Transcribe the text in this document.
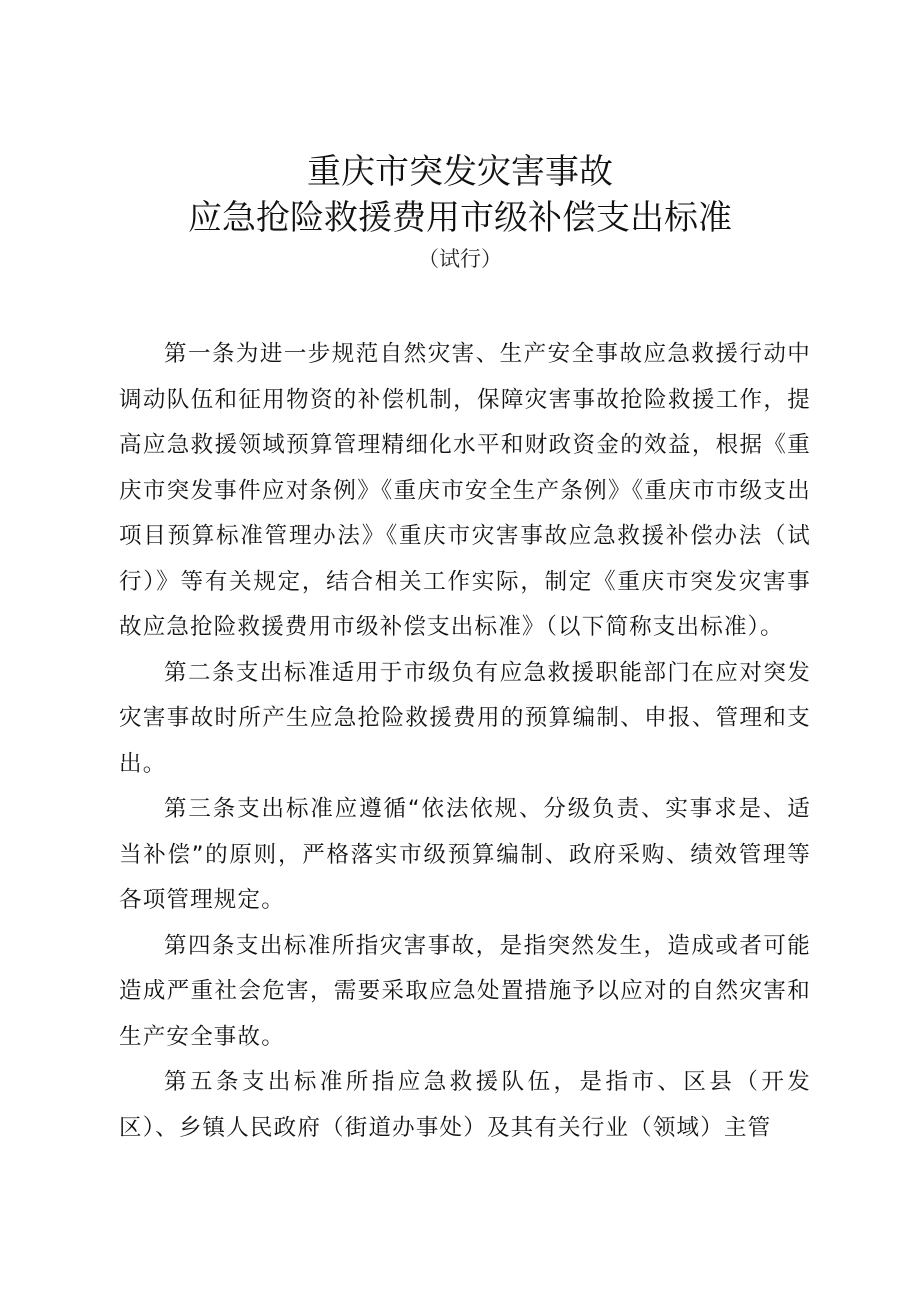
重庆市突发灾害事故
应急抢险救援费用市级补偿支出标准
（试行）

第一条为进一步规范自然灾害、生产安全事故应急救援行动中调动队伍和征用物资的补偿机制，保障灾害事故抢险救援工作，提高应急救援领域预算管理精细化水平和财政资金的效益，根据《重庆市突发事件应对条例》《重庆市安全生产条例》《重庆市市级支出项目预算标准管理办法》《重庆市灾害事故应急救援补偿办法（试行）》等有关规定，结合相关工作实际，制定《重庆市突发灾害事故应急抢险救援费用市级补偿支出标准》（以下简称支出标准）。

第二条支出标准适用于市级负有应急救援职能部门在应对突发灾害事故时所产生应急抢险救援费用的预算编制、申报、管理和支出。

第三条支出标准应遵循“依法依规、分级负责、实事求是、适当补偿”的原则，严格落实市级预算编制、政府采购、绩效管理等各项管理规定。

第四条支出标准所指灾害事故，是指突然发生，造成或者可能造成严重社会危害，需要采取应急处置措施予以应对的自然灾害和生产安全事故。

第五条支出标准所指应急救援队伍，是指市、区县（开发区）、乡镇人民政府（街道办事处）及其有关行业（领域）主管
